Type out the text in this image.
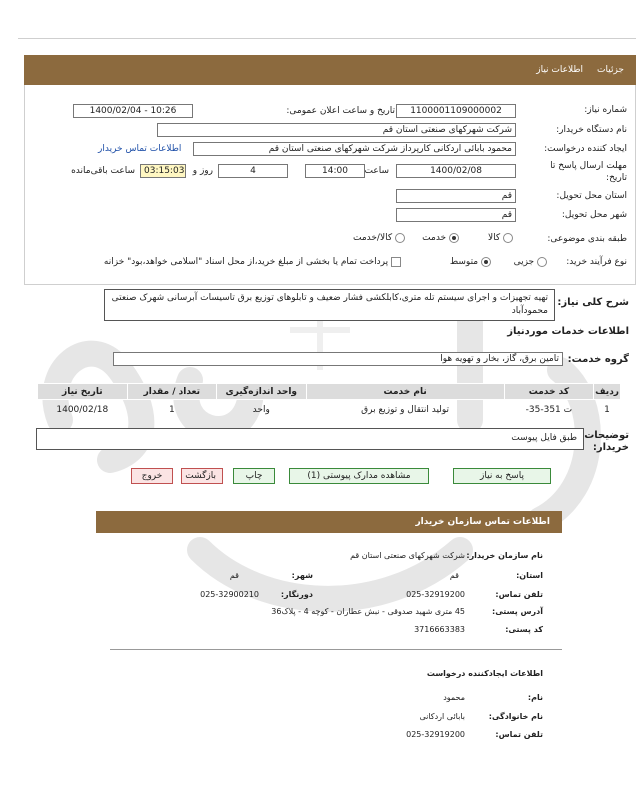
جزئیات
اطلاعات نیاز
شماره نیاز:
1100001109000002
تاریخ و ساعت اعلان عمومی:
1400/02/04 - 10:26
نام دستگاه خریدار:
شرکت شهرکهای صنعتی استان قم
ایجاد کننده درخواست:
محمود بابائی اردکانی کارپرداز شرکت شهرکهای صنعتی استان قم
اطلاعات تماس خریدار
مهلت ارسال پاسخ تا تاریخ:
1400/02/08
ساعت
14:00
4
روز و
03:15:03
ساعت باقی‌مانده
استان محل تحویل:
قم
شهر محل تحویل:
قم
طبقه بندی موضوعی:
کالا
خدمت
کالا/خدمت
نوع فرآیند خرید:
جزیی
متوسط
پرداخت تمام یا بخشی از مبلغ خرید،از محل اسناد "اسلامی خواهد،بود" خزانه
شرح کلی نیاز:
تهیه تجهیزات و اجرای سیستم تله متری،کابلکشی فشار ضعیف و تابلوهای توزیع برق تاسیسات آبرسانی شهرک صنعتی محمودآباد
اطلاعات خدمات موردنیاز
گروه خدمت:
تامین برق، گاز، بخار و تهویه هوا
ردیف	کد خدمت	نام خدمت	واحد اندازه‌گیری	تعداد / مقدار	تاریخ نیاز
1	ت 351-35-	تولید انتقال و توزیع برق	واحد	1	1400/02/18
توضیحات خریدار:
طبق فایل پیوست
پاسخ به نیاز
مشاهده مدارک پیوستی (1)
چاپ
بازگشت
خروج
اطلاعات تماس سازمان خریدار
نام سازمان خریدار:
شرکت شهرکهای صنعتی استان قم
استان:
قم
شهر:
قم
تلفن تماس:
025-32919200
دورنگار:
025-32900210
آدرس پستی:
45 متری شهید صدوقی - نبش عطاران - کوچه 4 - پلاک36
کد پستی:
3716663383
اطلاعات ایجادکننده درخواست
نام:
محمود
نام خانوادگی:
بابائی اردکانی
تلفن تماس:
025-32919200
